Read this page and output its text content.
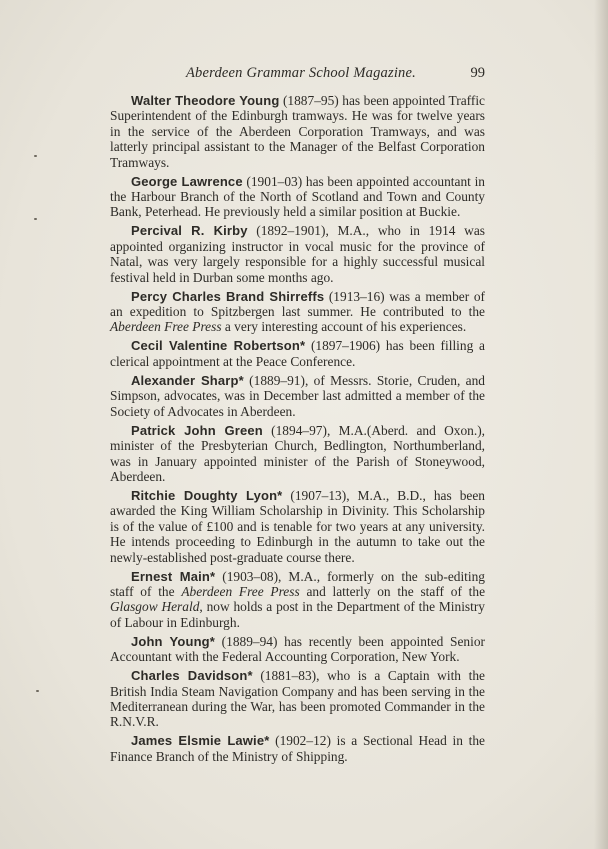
Aberdeen Grammar School Magazine.	99

Walter Theodore Young (1887–95) has been appointed Traffic Superintendent of the Edinburgh tramways. He was for twelve years in the service of the Aberdeen Corporation Tramways, and was latterly principal assistant to the Manager of the Belfast Corporation Tramways.

George Lawrence (1901–03) has been appointed accountant in the Harbour Branch of the North of Scotland and Town and County Bank, Peterhead. He previously held a similar position at Buckie.

Percival R. Kirby (1892–1901), M.A., who in 1914 was appointed organizing instructor in vocal music for the province of Natal, was very largely responsible for a highly successful musical festival held in Durban some months ago.

Percy Charles Brand Shirreffs (1913–16) was a member of an expedition to Spitzbergen last summer. He contributed to the Aberdeen Free Press a very interesting account of his experiences.

Cecil Valentine Robertson* (1897–1906) has been filling a clerical appointment at the Peace Conference.

Alexander Sharp* (1889–91), of Messrs. Storie, Cruden, and Simpson, advocates, was in December last admitted a member of the Society of Advocates in Aberdeen.

Patrick John Green (1894–97), M.A.(Aberd. and Oxon.), minister of the Presbyterian Church, Bedlington, Northumberland, was in January appointed minister of the Parish of Stoneywood, Aberdeen.

Ritchie Doughty Lyon* (1907–13), M.A., B.D., has been awarded the King William Scholarship in Divinity. This Scholarship is of the value of £100 and is tenable for two years at any university. He intends proceeding to Edinburgh in the autumn to take out the newly-established post-graduate course there.

Ernest Main* (1903–08), M.A., formerly on the sub-editing staff of the Aberdeen Free Press and latterly on the staff of the Glasgow Herald, now holds a post in the Department of the Ministry of Labour in Edinburgh.

John Young* (1889–94) has recently been appointed Senior Accountant with the Federal Accounting Corporation, New York.

Charles Davidson* (1881–83), who is a Captain with the British India Steam Navigation Company and has been serving in the Mediterranean during the War, has been promoted Commander in the R.N.V.R.

James Elsmie Lawie* (1902–12) is a Sectional Head in the Finance Branch of the Ministry of Shipping.
